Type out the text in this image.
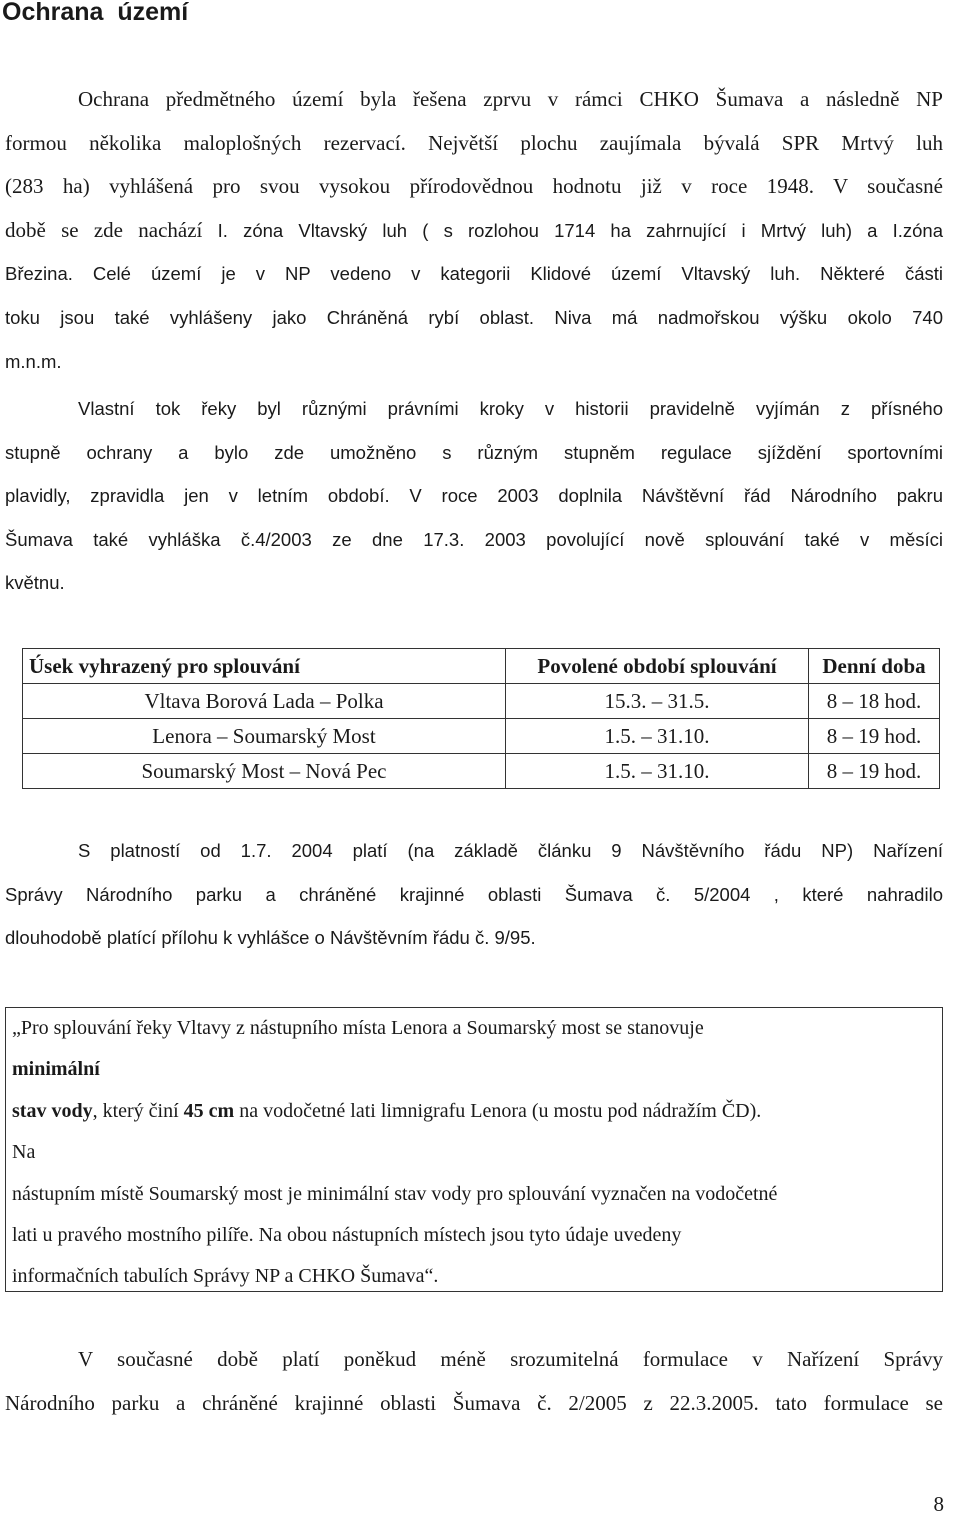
Ochrana  území
Ochrana předmětného území byla řešena zprvu v rámci CHKO Šumava a následně NP
formou několika maloplošných rezervací. Největší plochu zaujímala bývalá SPR Mrtvý luh
(283 ha) vyhlášená pro svou vysokou přírodovědnou hodnotu již v roce 1948. V současné
době se zde nachází I. zóna Vltavský luh ( s rozlohou 1714 ha zahrnující i Mrtvý luh) a I.zóna
Březina. Celé území je v NP vedeno v kategorii Klidové území Vltavský luh. Některé části
toku jsou také vyhlášeny jako Chráněná rybí oblast. Niva má nadmořskou výšku okolo 740
m.n.m.
Vlastní tok řeky byl různými právními kroky v historii pravidelně vyjímán z přísného
stupně ochrany a bylo zde umožněno s různým stupněm regulace sjíždění sportovními
plavidly, zpravidla jen v letním období. V roce 2003 doplnila Návštěvní řád Národního pakru
Šumava také vyhláška č.4/2003 ze dne 17.3. 2003 povolující nově splouvání také v měsíci
květnu.
Úsek vyhrazený pro splouvání	Povolené období splouvání	Denní doba
Vltava Borová Lada – Polka	15.3. – 31.5.	8 – 18 hod.
Lenora – Soumarský Most	1.5. – 31.10.	8 – 19 hod.
Soumarský Most – Nová Pec	1.5. – 31.10.	8 – 19 hod.
S platností od 1.7. 2004 platí (na základě článku 9 Návštěvního řádu NP) Nařízení
Správy Národního parku a chráněné krajinné oblasti Šumava č. 5/2004 , které nahradilo
dlouhodobě platící přílohu k vyhlášce o Návštěvním řádu č. 9/95.
„Pro splouvání řeky Vltavy z nástupního místa Lenora a Soumarský most se stanovuje
minimální
stav vody, který činí 45 cm na vodočetné lati limnigrafu Lenora (u mostu pod nádražím ČD).
Na
nástupním místě Soumarský most je minimální stav vody pro splouvání vyznačen na vodočetné
lati u pravého mostního pilíře. Na obou nástupních místech jsou tyto údaje uvedeny
informačních tabulích Správy NP a CHKO Šumava“.
V současné době platí poněkud méně srozumitelná formulace v Nařízení Správy
Národního parku a chráněné krajinné oblasti Šumava č. 2/2005 z 22.3.2005. tato formulace se
8
